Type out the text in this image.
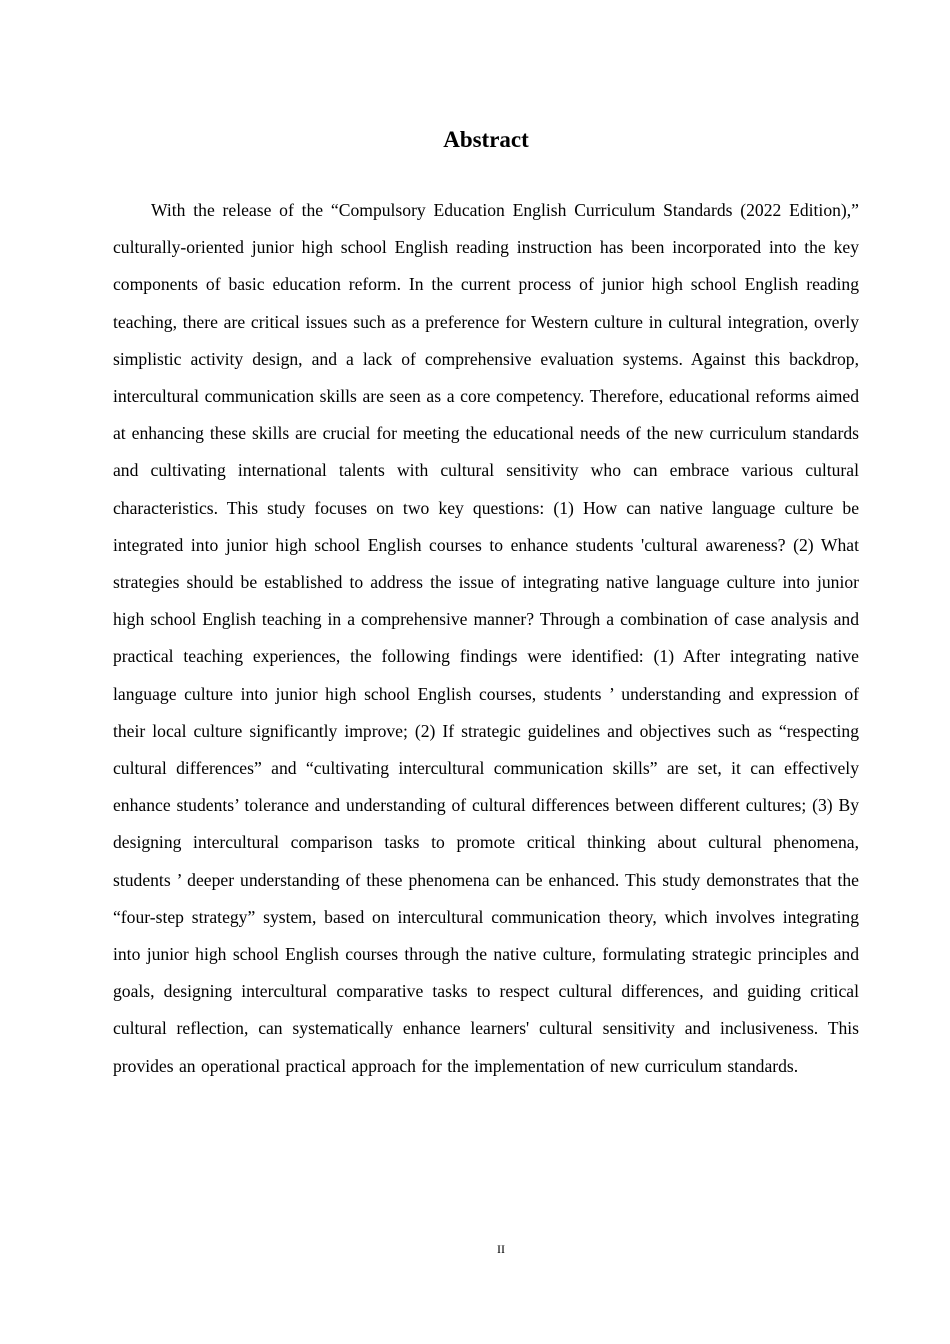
Abstract

With the release of the “Compulsory Education English Curriculum Standards (2022 Edition),” culturally-oriented junior high school English reading instruction has been incorporated into the key components of basic education reform. In the current process of junior high school English reading teaching, there are critical issues such as a preference for Western culture in cultural integration, overly simplistic activity design, and a lack of comprehensive evaluation systems. Against this backdrop, intercultural communication skills are seen as a core competency. Therefore, educational reforms aimed at enhancing these skills are crucial for meeting the educational needs of the new curriculum standards and cultivating international talents with cultural sensitivity who can embrace various cultural characteristics. This study focuses on two key questions: (1) How can native language culture be integrated into junior high school English courses to enhance students 'cultural awareness? (2) What strategies should be established to address the issue of integrating native language culture into junior high school English teaching in a comprehensive manner? Through a combination of case analysis and practical teaching experiences, the following findings were identified: (1) After integrating native language culture into junior high school English courses, students ’ understanding and expression of their local culture significantly improve; (2) If strategic guidelines and objectives such as “respecting cultural differences” and “cultivating intercultural communication skills” are set, it can effectively enhance students’ tolerance and understanding of cultural differences between different cultures; (3) By designing intercultural comparison tasks to promote critical thinking about cultural phenomena, students ’ deeper understanding of these phenomena can be enhanced. This study demonstrates that the “four-step strategy” system, based on intercultural communication theory, which involves integrating into junior high school English courses through the native culture, formulating strategic principles and goals, designing intercultural comparative tasks to respect cultural differences, and guiding critical cultural reflection, can systematically enhance learners' cultural sensitivity and inclusiveness. This provides an operational practical approach for the implementation of new curriculum standards.

II
